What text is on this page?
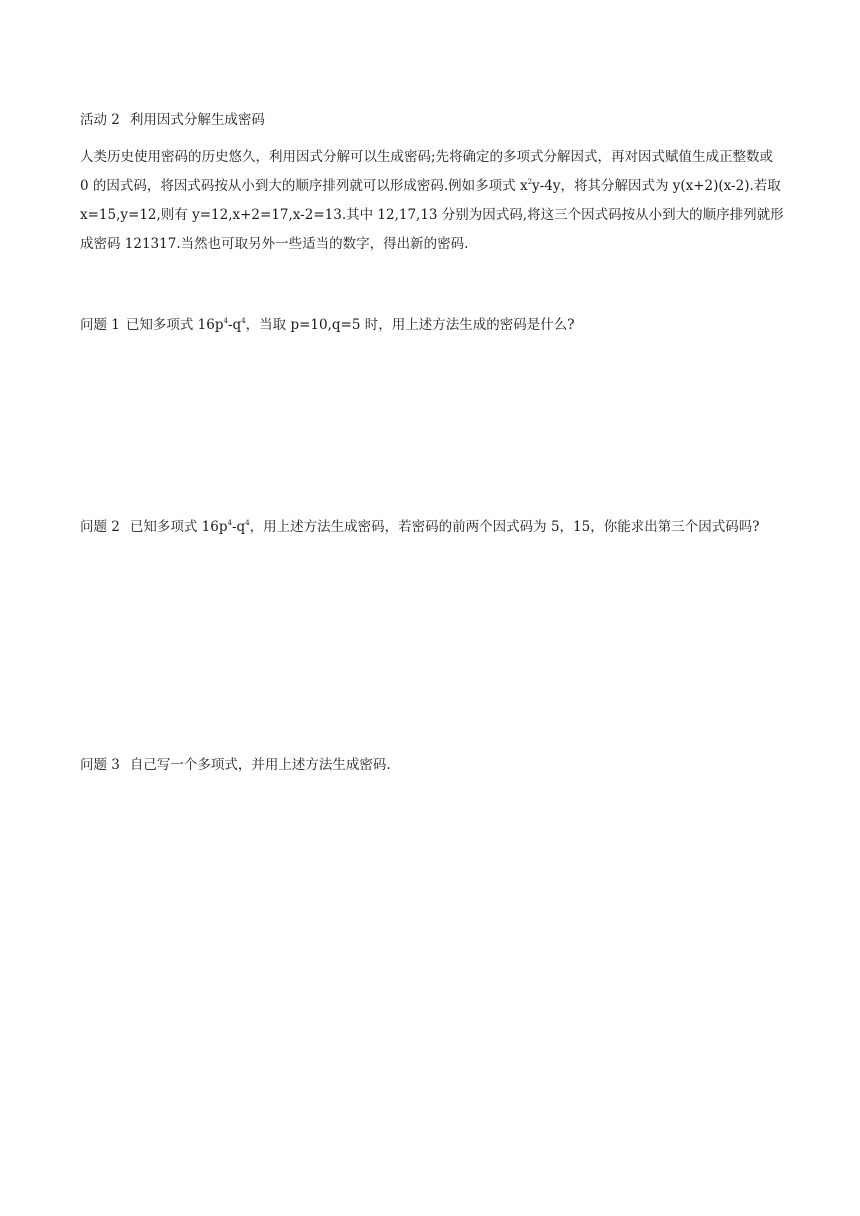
活动 2 利用因式分解生成密码

人类历史使用密码的历史悠久，利用因式分解可以生成密码;先将确定的多项式分解因式，再对因式赋值生成正整数或 0 的因式码，将因式码按从小到大的顺序排列就可以形成密码.例如多项式 $x^2y-4y$，将其分解因式为 y(x+2)(x-2).若取 x=15,y=12,则有 y=12,x+2=17,x-2=13.其中 12,17,13 分别为因式码,将这三个因式码按从小到大的顺序排列就形成密码 121317.当然也可取另外一些适当的数字，得出新的密码.

问题 1 已知多项式 $16p^4-q^4$，当取 p=10,q=5 时，用上述方法生成的密码是什么?

问题 2 已知多项式 $16p^4-q^4$，用上述方法生成密码，若密码的前两个因式码为 5，15，你能求出第三个因式码吗?

问题 3 自己写一个多项式，并用上述方法生成密码.
